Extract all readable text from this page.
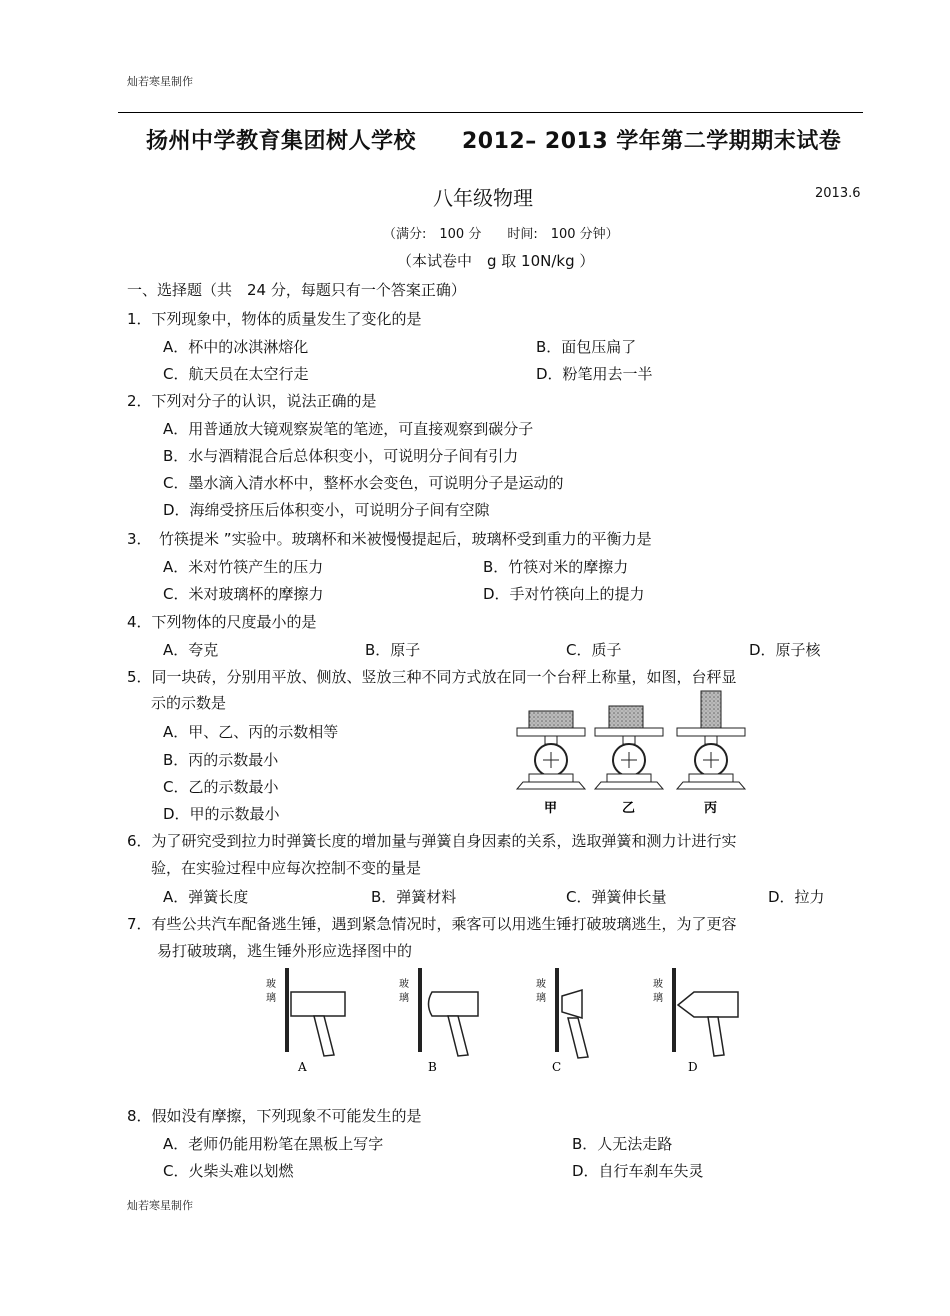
灿若寒星制作
扬州中学教育集团树人学校 2012– 2013 学年第二学期期末试卷
八年级物理	2013.6
（满分:　100 分　　时间:　100 分钟）
（本试卷中　g 取 10N/kg ）
一、选择题（共　24 分，每题只有一个答案正确）
1．下列现象中，物体的质量发生了变化的是
A．杯中的冰淇淋熔化	B．面包压扁了
C．航天员在太空行走	D．粉笔用去一半
2．下列对分子的认识，说法正确的是
A．用普通放大镜观察炭笔的笔迹，可直接观察到碳分子
B．水与酒精混合后总体积变小，可说明分子间有引力
C．墨水滴入清水杯中，整杯水会变色，可说明分子是运动的
D．海绵受挤压后体积变小，可说明分子间有空隙
3．　竹筷提米 ”实验中。玻璃杯和米被慢慢提起后，玻璃杯受到重力的平衡力是
A．米对竹筷产生的压力	B．竹筷对米的摩擦力
C．米对玻璃杯的摩擦力	D．手对竹筷向上的提力
4．下列物体的尺度最小的是
A．夸克	B．原子	C．质子	D．原子核
5．同一块砖，分别用平放、侧放、竖放三种不同方式放在同一个台秤上称量，如图，台秤显
示的示数是
A．甲、乙、丙的示数相等
B．丙的示数最小
C．乙的示数最小
D．甲的示数最小	甲	乙	丙
6．为了研究受到拉力时弹簧长度的增加量与弹簧自身因素的关系，选取弹簧和测力计进行实
验，在实验过程中应每次控制不变的量是
A．弹簧长度	B．弹簧材料	C．弹簧伸长量	D．拉力
7．有些公共汽车配备逃生锤，遇到紧急情况时，乘客可以用逃生锤打破玻璃逃生，为了更容
易打破玻璃，逃生锤外形应选择图中的
玻
璃
玻
璃
玻
璃
玻
璃
A	B	C	D
8．假如没有摩擦，下列现象不可能发生的是
A．老师仍能用粉笔在黑板上写字	B．人无法走路
C．火柴头难以划燃	D．自行车刹车失灵
灿若寒星制作
